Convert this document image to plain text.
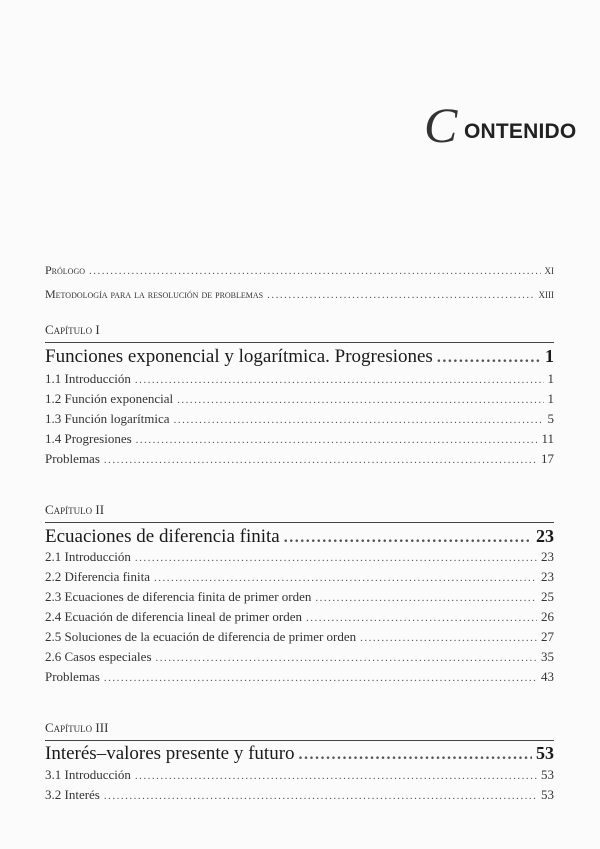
C ONTENIDO
Prólogo .....	xi
Metodología para la resolución de problemas .....	xiii
Capítulo I
Funciones exponencial y logarítmica. Progresiones .....	1
1.1 Introducción .....	1
1.2 Función exponencial .....	1
1.3 Función logarítmica .....	5
1.4 Progresiones .....	11
Problemas .....	17
Capítulo II
Ecuaciones de diferencia finita .....	23
2.1 Introducción .....	23
2.2 Diferencia finita .....	23
2.3 Ecuaciones de diferencia finita de primer orden .....	25
2.4 Ecuación de diferencia lineal de primer orden .....	26
2.5 Soluciones de la ecuación de diferencia de primer orden .....	27
2.6 Casos especiales .....	35
Problemas .....	43
Capítulo III
Interés–valores presente y futuro .....	53
3.1 Introducción .....	53
3.2 Interés .....	53
